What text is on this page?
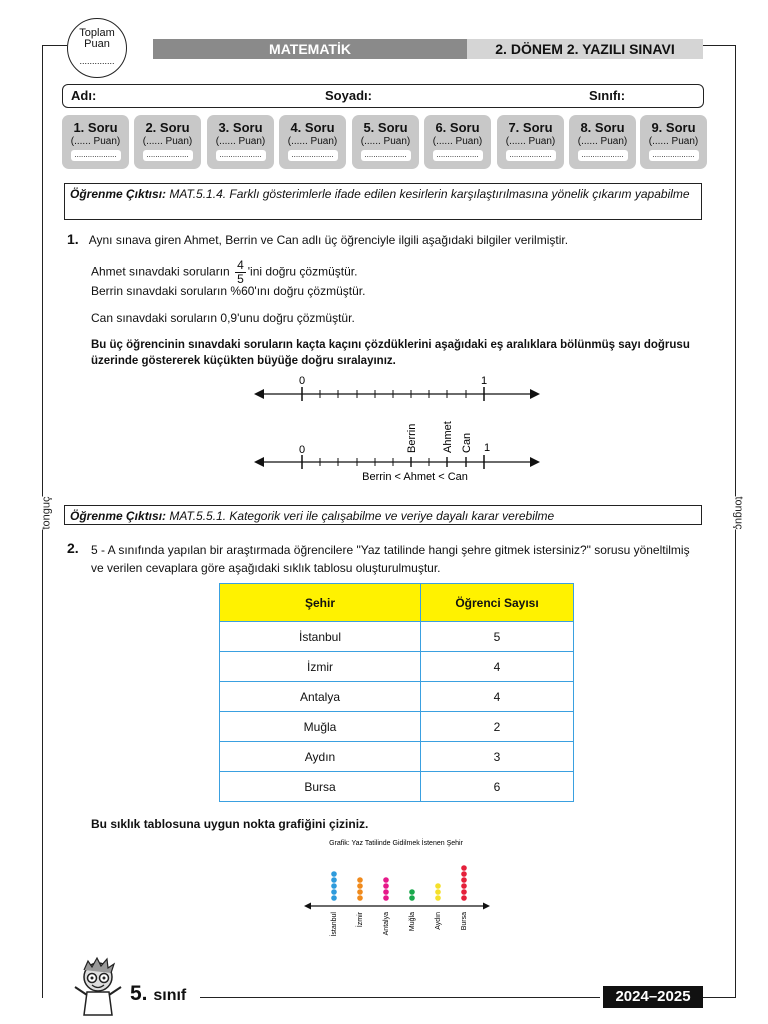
tonguç	tonguç
Toplam Puan
..............
MATEMATİK	2. DÖNEM 2. YAZILI SINAVI
Adı:	Soyadı:	Sınıfı:
1. Soru
(...... Puan)
...................
2. Soru
(...... Puan)
...................
3. Soru
(...... Puan)
...................
4. Soru
(...... Puan)
...................
5. Soru
(...... Puan)
...................
6. Soru
(...... Puan)
...................
7. Soru
(...... Puan)
...................
8. Soru
(...... Puan)
...................
9. Soru
(...... Puan)
...................
Öğrenme Çıktısı: MAT.5.1.4. Farklı gösterimlerle ifade edilen kesirlerin karşılaştırılmasına yönelik çıkarım yapabilme
1. Aynı sınava giren Ahmet, Berrin ve Can adlı üç öğrenciyle ilgili aşağıdaki bilgiler verilmiştir.
Ahmet sınavdaki soruların $\frac{4}{5}$ 'ini doğru çözmüştür.
Berrin sınavdaki soruların %60'ını doğru çözmüştür.
Can sınavdaki soruların 0,9'unu doğru çözmüştür.
Bu üç öğrencinin sınavdaki soruların kaçta kaçını çözdüklerini aşağıdaki eş aralıklara bölünmüş sayı doğrusu üzerinde göstererek küçükten büyüğe doğru sıralayınız.
0	1
0	1
Berrin Ahmet Can
Berrin < Ahmet < Can
Öğrenme Çıktısı: MAT.5.5.1. Kategorik veri ile çalışabilme ve veriye dayalı karar verebilme
2. 5 - A sınıfında yapılan bir araştırmada öğrencilere "Yaz tatilinde hangi şehre gitmek istersiniz?" sorusu yöneltilmiş ve verilen cevaplara göre aşağıdaki sıklık tablosu oluşturulmuştur.
Şehir	Öğrenci Sayısı
İstanbul	5
İzmir	4
Antalya	4
Muğla	2
Aydın	3
Bursa	6
Bu sıklık tablosuna uygun nokta grafiğini çiziniz.
Grafik: Yaz Tatilinde Gidilmek İstenen Şehir
İstanbul	İzmir	Antalya	Muğla	Aydın	Bursa
5. sınıf	2024–2025
